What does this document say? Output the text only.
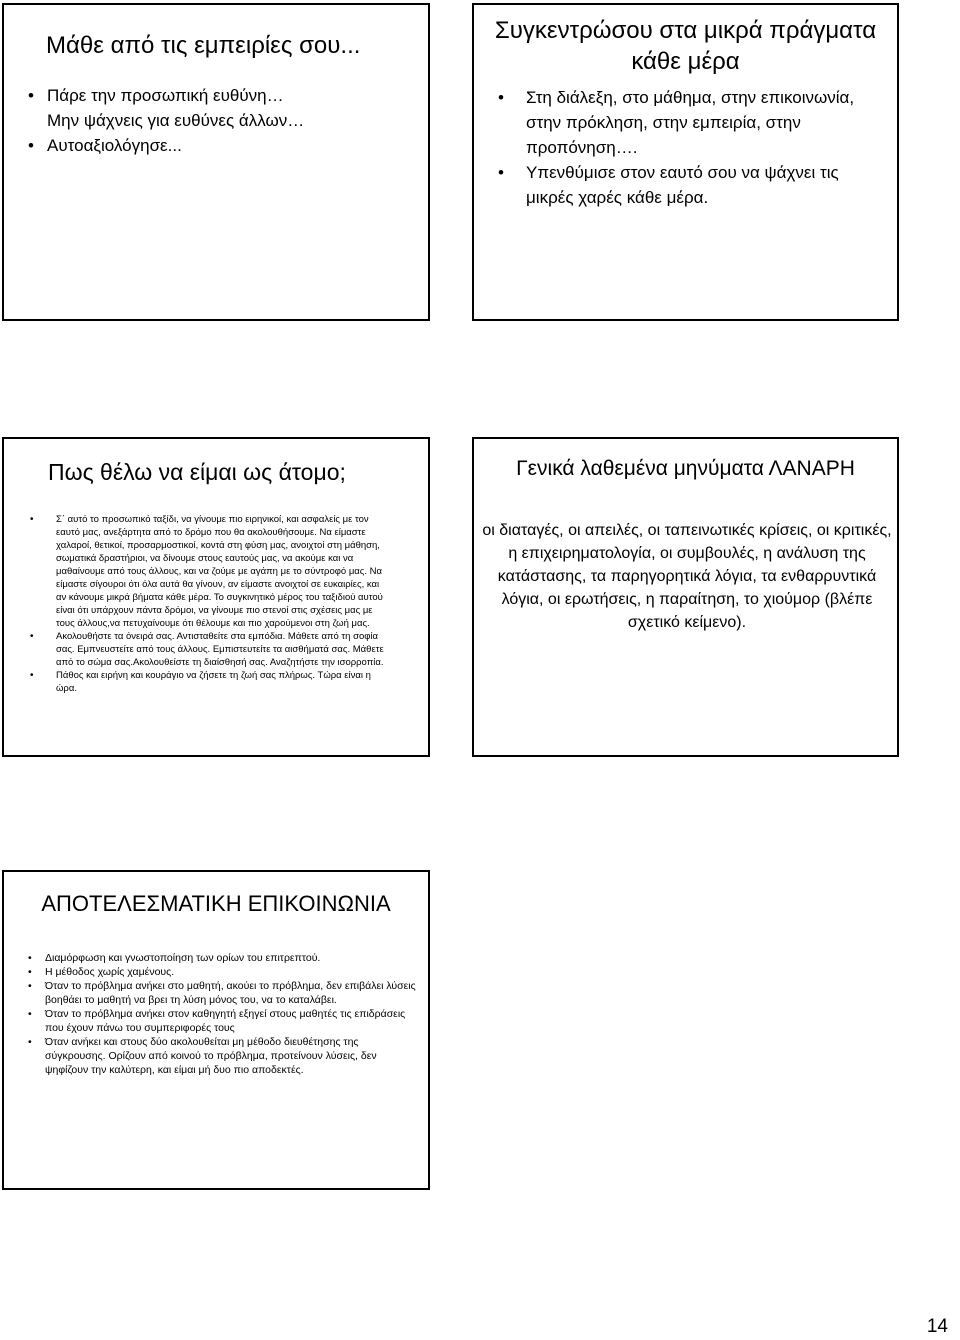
Μάθε από τις εμπειρίες σου...
• Πάρε την προσωπική ευθύνη…
Μην ψάχνεις για ευθύνες άλλων…
• Αυτοαξιολόγησε...
Συγκεντρώσου στα μικρά πράγματα κάθε μέρα
• Στη διάλεξη, στο μάθημα, στην επικοινωνία, στην πρόκληση, στην εμπειρία, στην προπόνηση….
• Υπενθύμισε στον εαυτό σου να ψάχνει τις μικρές χαρές κάθε μέρα.
Πως θέλω να είμαι ως άτομο;
• Σ΄ αυτό το προσωπικό ταξίδι, να γίνουμε πιο ειρηνικοί, και ασφαλείς με τον εαυτό μας, ανεξάρτητα από το δρόμο που θα ακολουθήσουμε. Να είμαστε χαλαροί, θετικοί, προσαρμοστικοί, κοντά στη φύση μας, ανοιχτοί στη μάθηση, σωματικά δραστήριοι, να δίνουμε στους εαυτούς μας, να ακούμε και να μαθαίνουμε από τους άλλους, και να ζούμε με αγάπη με το σύντροφό μας. Να είμαστε σίγουροι ότι όλα αυτά θα γίνουν, αν είμαστε ανοιχτοί σε ευκαιρίες, και αν κάνουμε μικρά βήματα κάθε μέρα. Το συγκινητικό μέρος του ταξιδιού αυτού είναι ότι υπάρχουν πάντα δρόμοι, να γίνουμε πιο στενοί στις σχέσεις μας με τους άλλους,να πετυχαίνουμε ότι θέλουμε και πιο χαρούμενοι στη ζωή μας.
• Ακολουθήστε τα όνειρά σας. Αντισταθείτε στα εμπόδια. Μάθετε από τη σοφία σας. Εμπνευστείτε από τους άλλους. Εμπιστευτείτε τα αισθήματά σας. Μάθετε από το σώμα σας.Ακολουθείστε τη διαίσθησή σας. Αναζητήστε την ισορροπία.
• Πάθος και ειρήνη και κουράγιο να ζήσετε τη ζωή σας πλήρως. Τώρα είναι η ώρα.
Γενικά λαθεμένα μηνύματα ΛΑΝΑΡΗ

οι διαταγές, οι απειλές, οι ταπεινωτικές κρίσεις, οι κριτικές, η επιχειρηματολογία, οι συμβουλές, η ανάλυση της κατάστασης, τα παρηγορητικά λόγια, τα ενθαρρυντικά λόγια, οι ερωτήσεις, η παραίτηση, το χιούμορ (βλέπε σχετικό κείμενο).

ΑΠΟΤΕΛΕΣΜΑΤΙΚΗ ΕΠΙΚΟΙΝΩΝΙΑ
• Διαμόρφωση και γνωστοποίηση των ορίων του επιτρεπτού.
• Η μέθοδος χωρίς χαμένους.
• Όταν το πρόβλημα ανήκει στο μαθητή, ακούει το πρόβλημα, δεν επιβάλει λύσεις βοηθάει το μαθητή να βρει τη λύση μόνος του, να το καταλάβει.
• Όταν το πρόβλημα ανήκει στον καθηγητή εξηγεί στους μαθητές τις επιδράσεις που έχουν πάνω του συμπεριφορές τους
• Όταν ανήκει και στους δύο ακολουθείται μη μέθοδο διευθέτησης της σύγκρουσης. Ορίζουν από κοινού το πρόβλημα, προτείνουν λύσεις, δεν ψηφίζουν την καλύτερη, και είμαι μή δυο πιο αποδεκτές.
14
